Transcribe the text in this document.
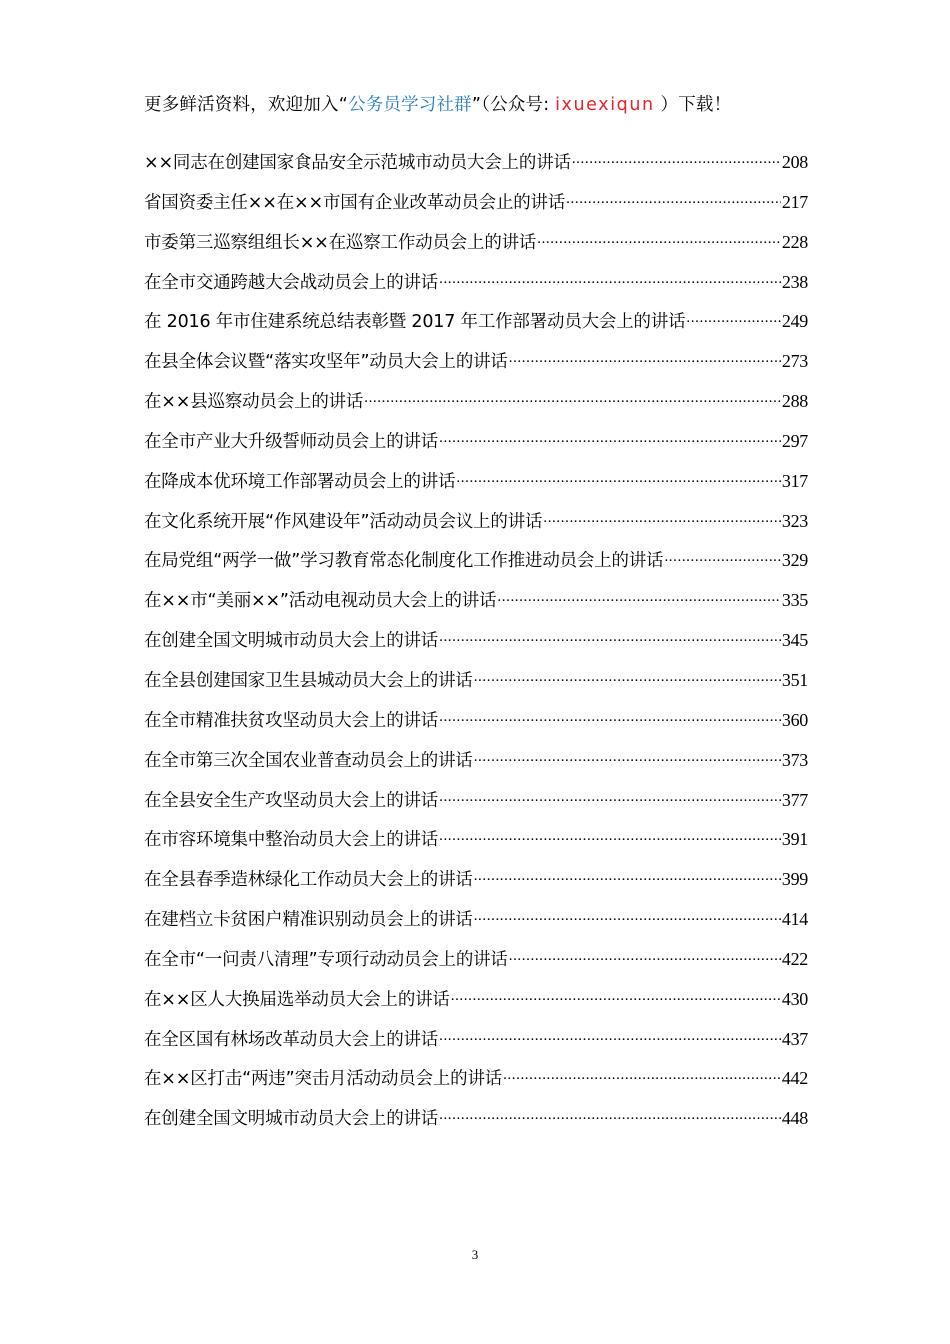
更多鲜活资料，欢迎加入“公务员学习社群”（公众号: ixuexiqun ）下载！
××同志在创建国家食品安全示范城市动员大会上的讲话 .....	208
省国资委主任××在××市国有企业改革动员会止的讲话 .....	217
市委第三巡察组组长××在巡察工作动员会上的讲话 .....	228
在全市交通跨越大会战动员会上的讲话 .....	238
在 2016 年市住建系统总结表彰暨 2017 年工作部署动员大会上的讲话 .....	249
在县全体会议暨“落实攻坚年”动员大会上的讲话 .....	273
在××县巡察动员会上的讲话 .....	288
在全市产业大升级誓师动员会上的讲话 .....	297
在降成本优环境工作部署动员会上的讲话 .....	317
在文化系统开展“作风建设年”活动动员会议上的讲话 .....	323
在局党组“两学一做”学习教育常态化制度化工作推进动员会上的讲话 .....	329
在××市“美丽××”活动电视动员大会上的讲话 .....	335
在创建全国文明城市动员大会上的讲话 .....	345
在全县创建国家卫生县城动员大会上的讲话 .....	351
在全市精准扶贫攻坚动员大会上的讲话 .....	360
在全市第三次全国农业普查动员会上的讲话 .....	373
在全县安全生产攻坚动员大会上的讲话 .....	377
在市容环境集中整治动员大会上的讲话 .....	391
在全县春季造林绿化工作动员大会上的讲话 .....	399
在建档立卡贫困户精准识别动员会上的讲话 .....	414
在全市“一问责八清理”专项行动动员会上的讲话 .....	422
在××区人大换届选举动员大会上的讲话 .....	430
在全区国有林场改革动员大会上的讲话 .....	437
在××区打击“两违”突击月活动动员会上的讲话 .....	442
在创建全国文明城市动员大会上的讲话 .....	448
3
